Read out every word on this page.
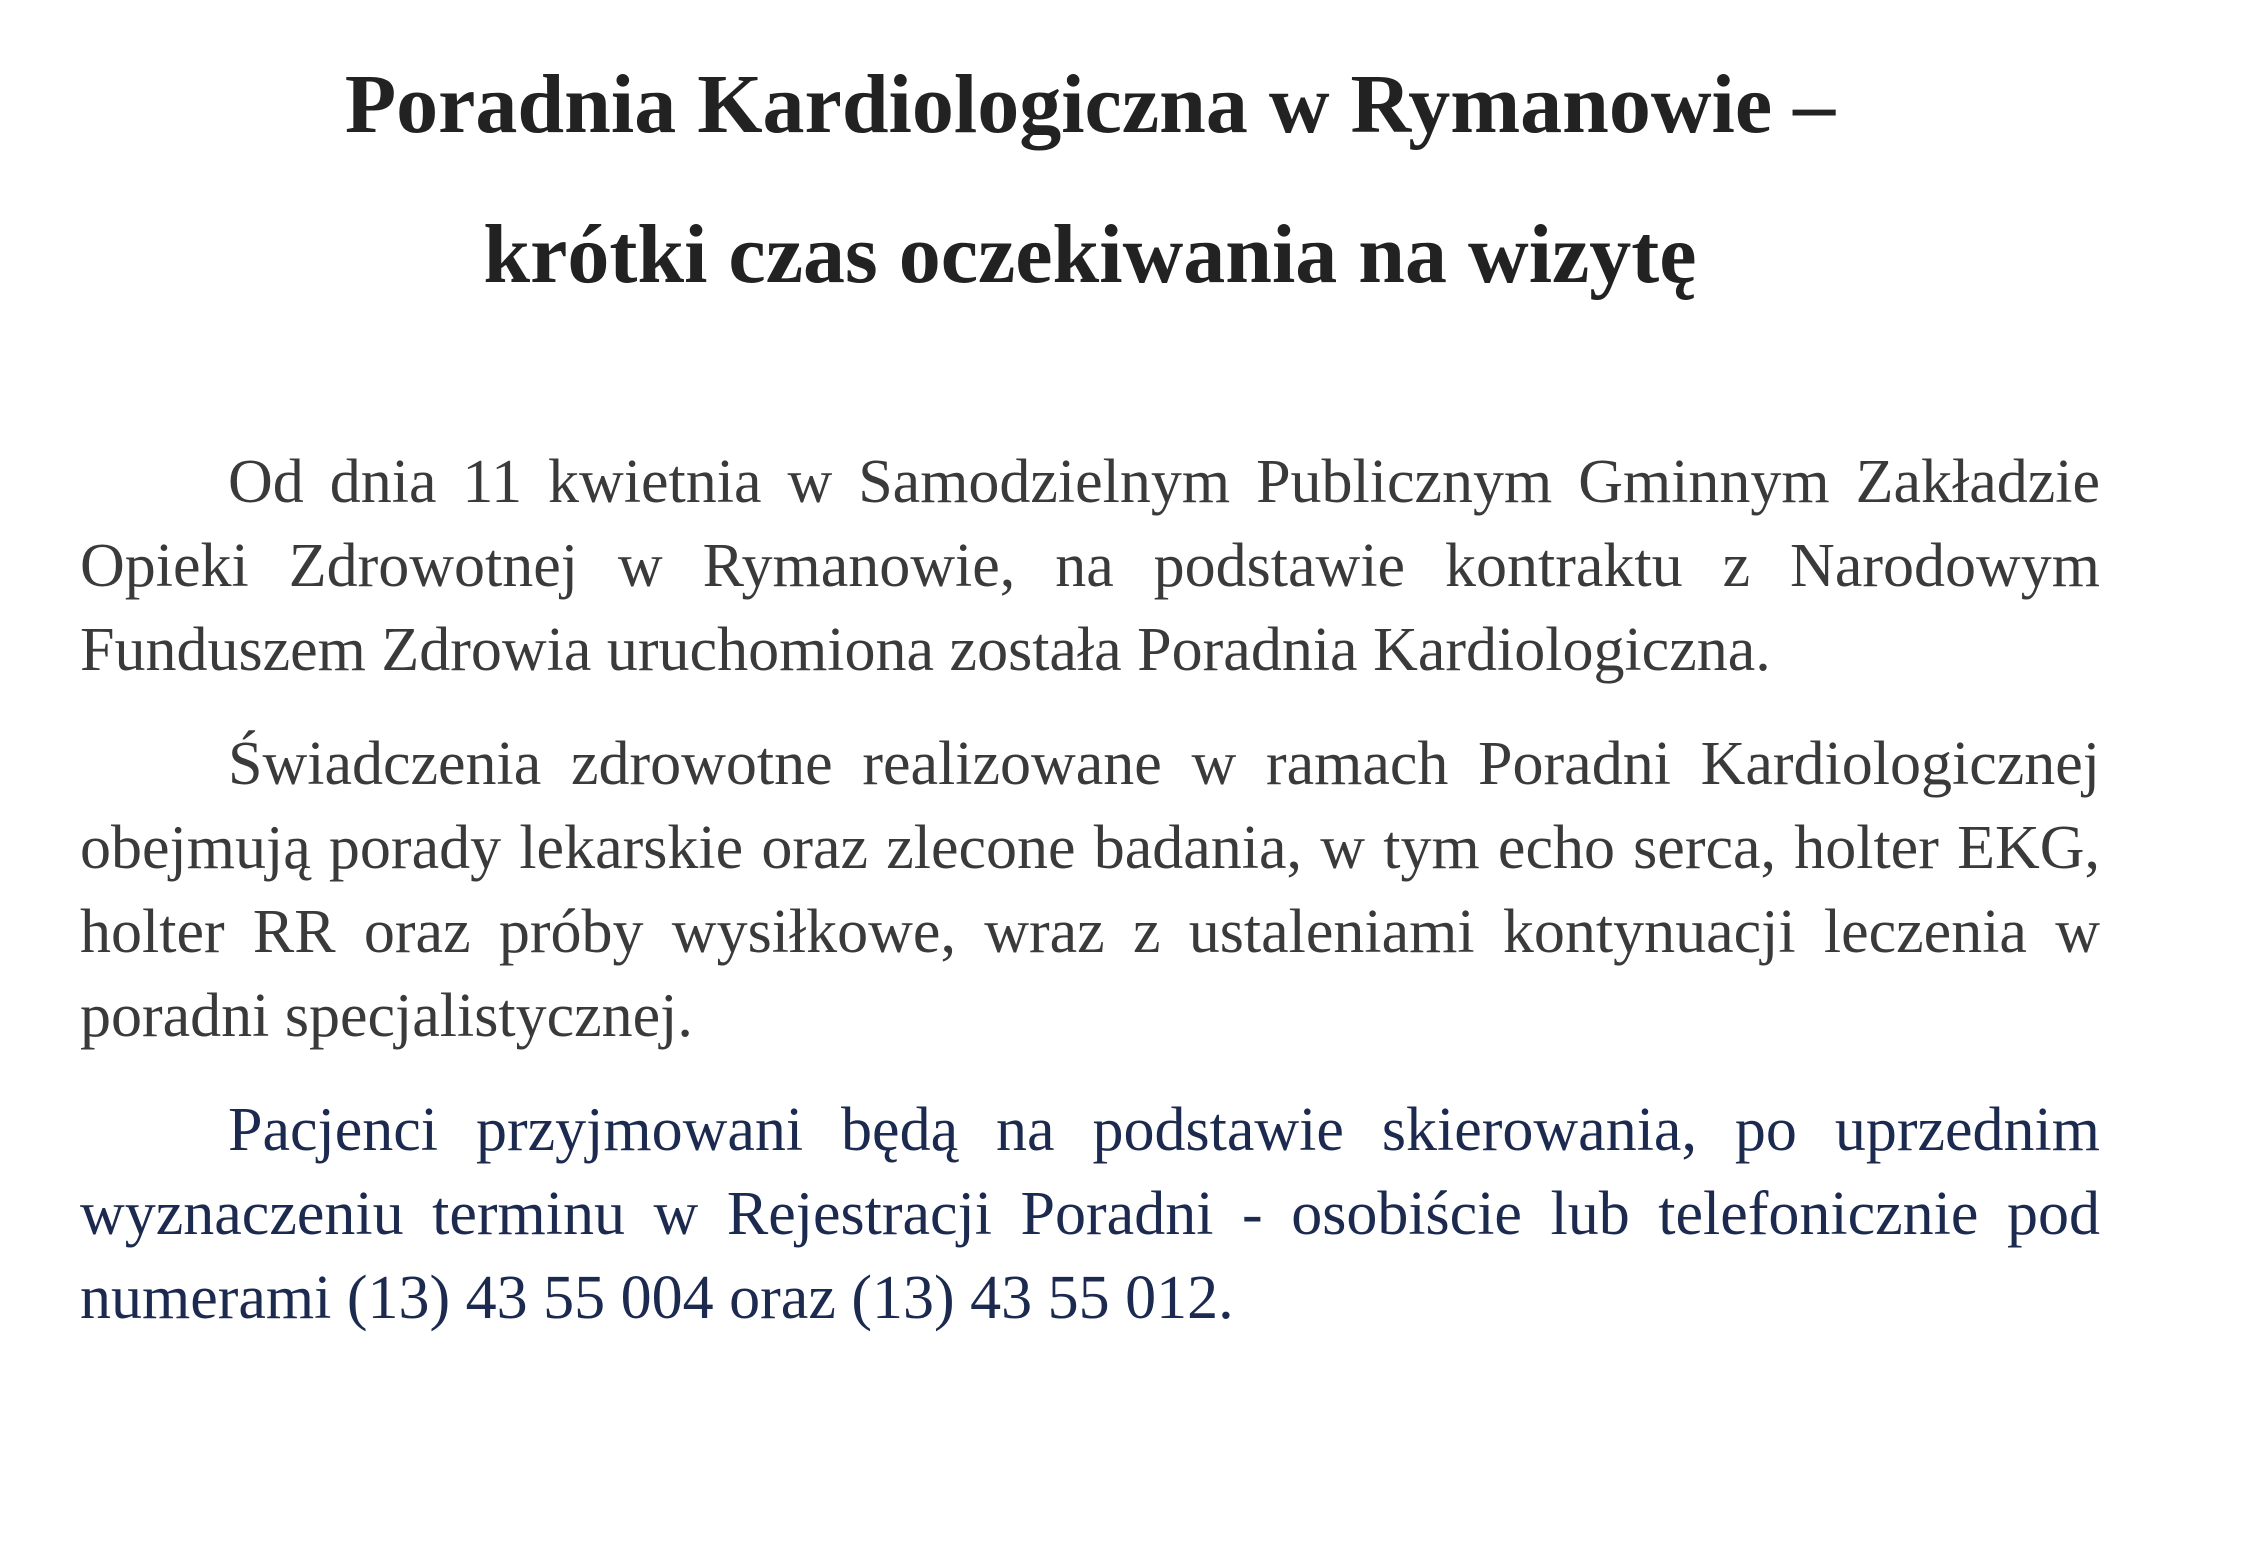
Poradnia Kardiologiczna w Rymanowie –
krótki czas oczekiwania na wizytę

Od dnia 11 kwietnia w Samodzielnym Publicznym Gminnym Zakładzie Opieki Zdrowotnej w Rymanowie, na podstawie kontraktu z Narodowym Funduszem Zdrowia uruchomiona została Poradnia Kardiologiczna.

Świadczenia zdrowotne realizowane w ramach Poradni Kardiologicznej obejmują porady lekarskie oraz zlecone badania, w tym echo serca, holter EKG, holter RR oraz próby wysiłkowe, wraz z ustaleniami kontynuacji leczenia w poradni specjalistycznej.

Pacjenci przyjmowani będą na podstawie skierowania, po uprzednim wyznaczeniu terminu w Rejestracji Poradni - osobiście lub telefonicznie pod numerami (13) 43 55 004 oraz (13) 43 55 012.
